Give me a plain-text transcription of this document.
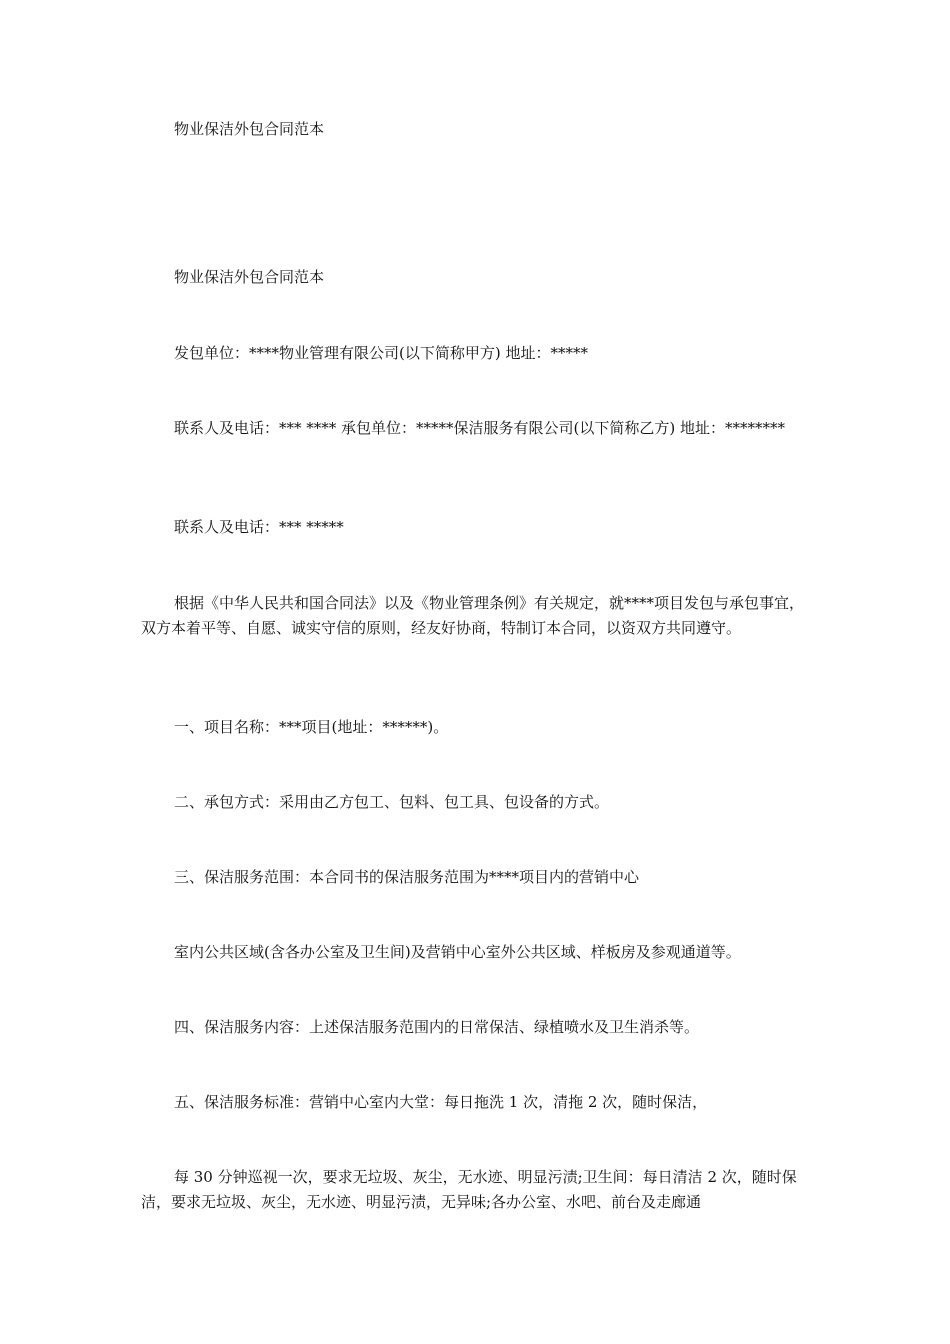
物业保洁外包合同范本

物业保洁外包合同范本

发包单位：****物业管理有限公司(以下简称甲方) 地址：*****

联系人及电话：*** **** 承包单位：*****保洁服务有限公司(以下简称乙方) 地址：********

联系人及电话：*** *****

根据《中华人民共和国合同法》以及《物业管理条例》有关规定，就****项目发包与承包事宜，双方本着平等、自愿、诚实守信的原则，经友好协商，特制订本合同，以资双方共同遵守。

一、项目名称：***项目(地址：******)。

二、承包方式：采用由乙方包工、包料、包工具、包设备的方式。

三、保洁服务范围：本合同书的保洁服务范围为****项目内的营销中心

室内公共区域(含各办公室及卫生间)及营销中心室外公共区域、样板房及参观通道等。

四、保洁服务内容：上述保洁服务范围内的日常保洁、绿植喷水及卫生消杀等。

五、保洁服务标准：营销中心室内大堂：每日拖洗 1 次，清拖 2 次，随时保洁，

每 30 分钟巡视一次，要求无垃圾、灰尘，无水迹、明显污渍;卫生间：每日清洁 2 次，随时保洁，要求无垃圾、灰尘，无水迹、明显污渍，无异味;各办公室、水吧、前台及走廊通
